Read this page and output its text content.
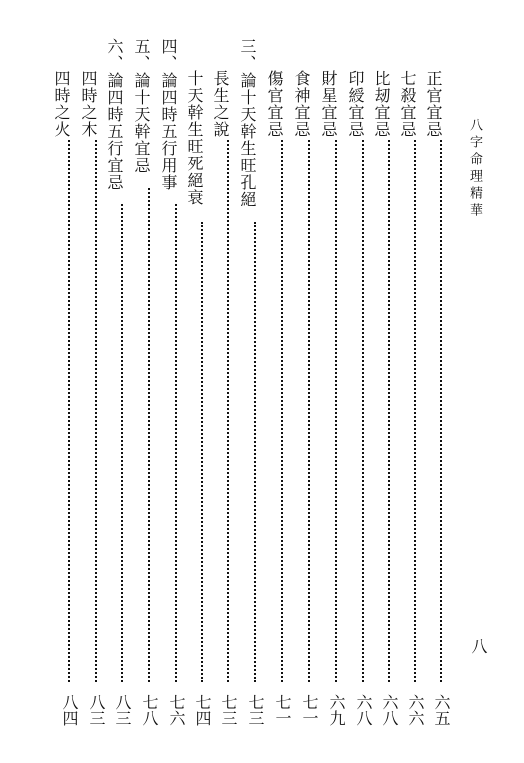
八字命理精華
八
正官宜忌
六五
七殺宜忌
六六
比刼宜忌
六八
印綬宜忌
六八
財星宜忌
六九
食神宜忌
七一
傷官宜忌
七一
三、論十天幹生旺孔絕
七三
長生之說
七三
十天幹生旺死絕衰
七四
四、論四時五行用事
七六
五、論十天幹宜忌
七八
六、論四時五行宜忌
八三
四時之木
八三
四時之火
八四
